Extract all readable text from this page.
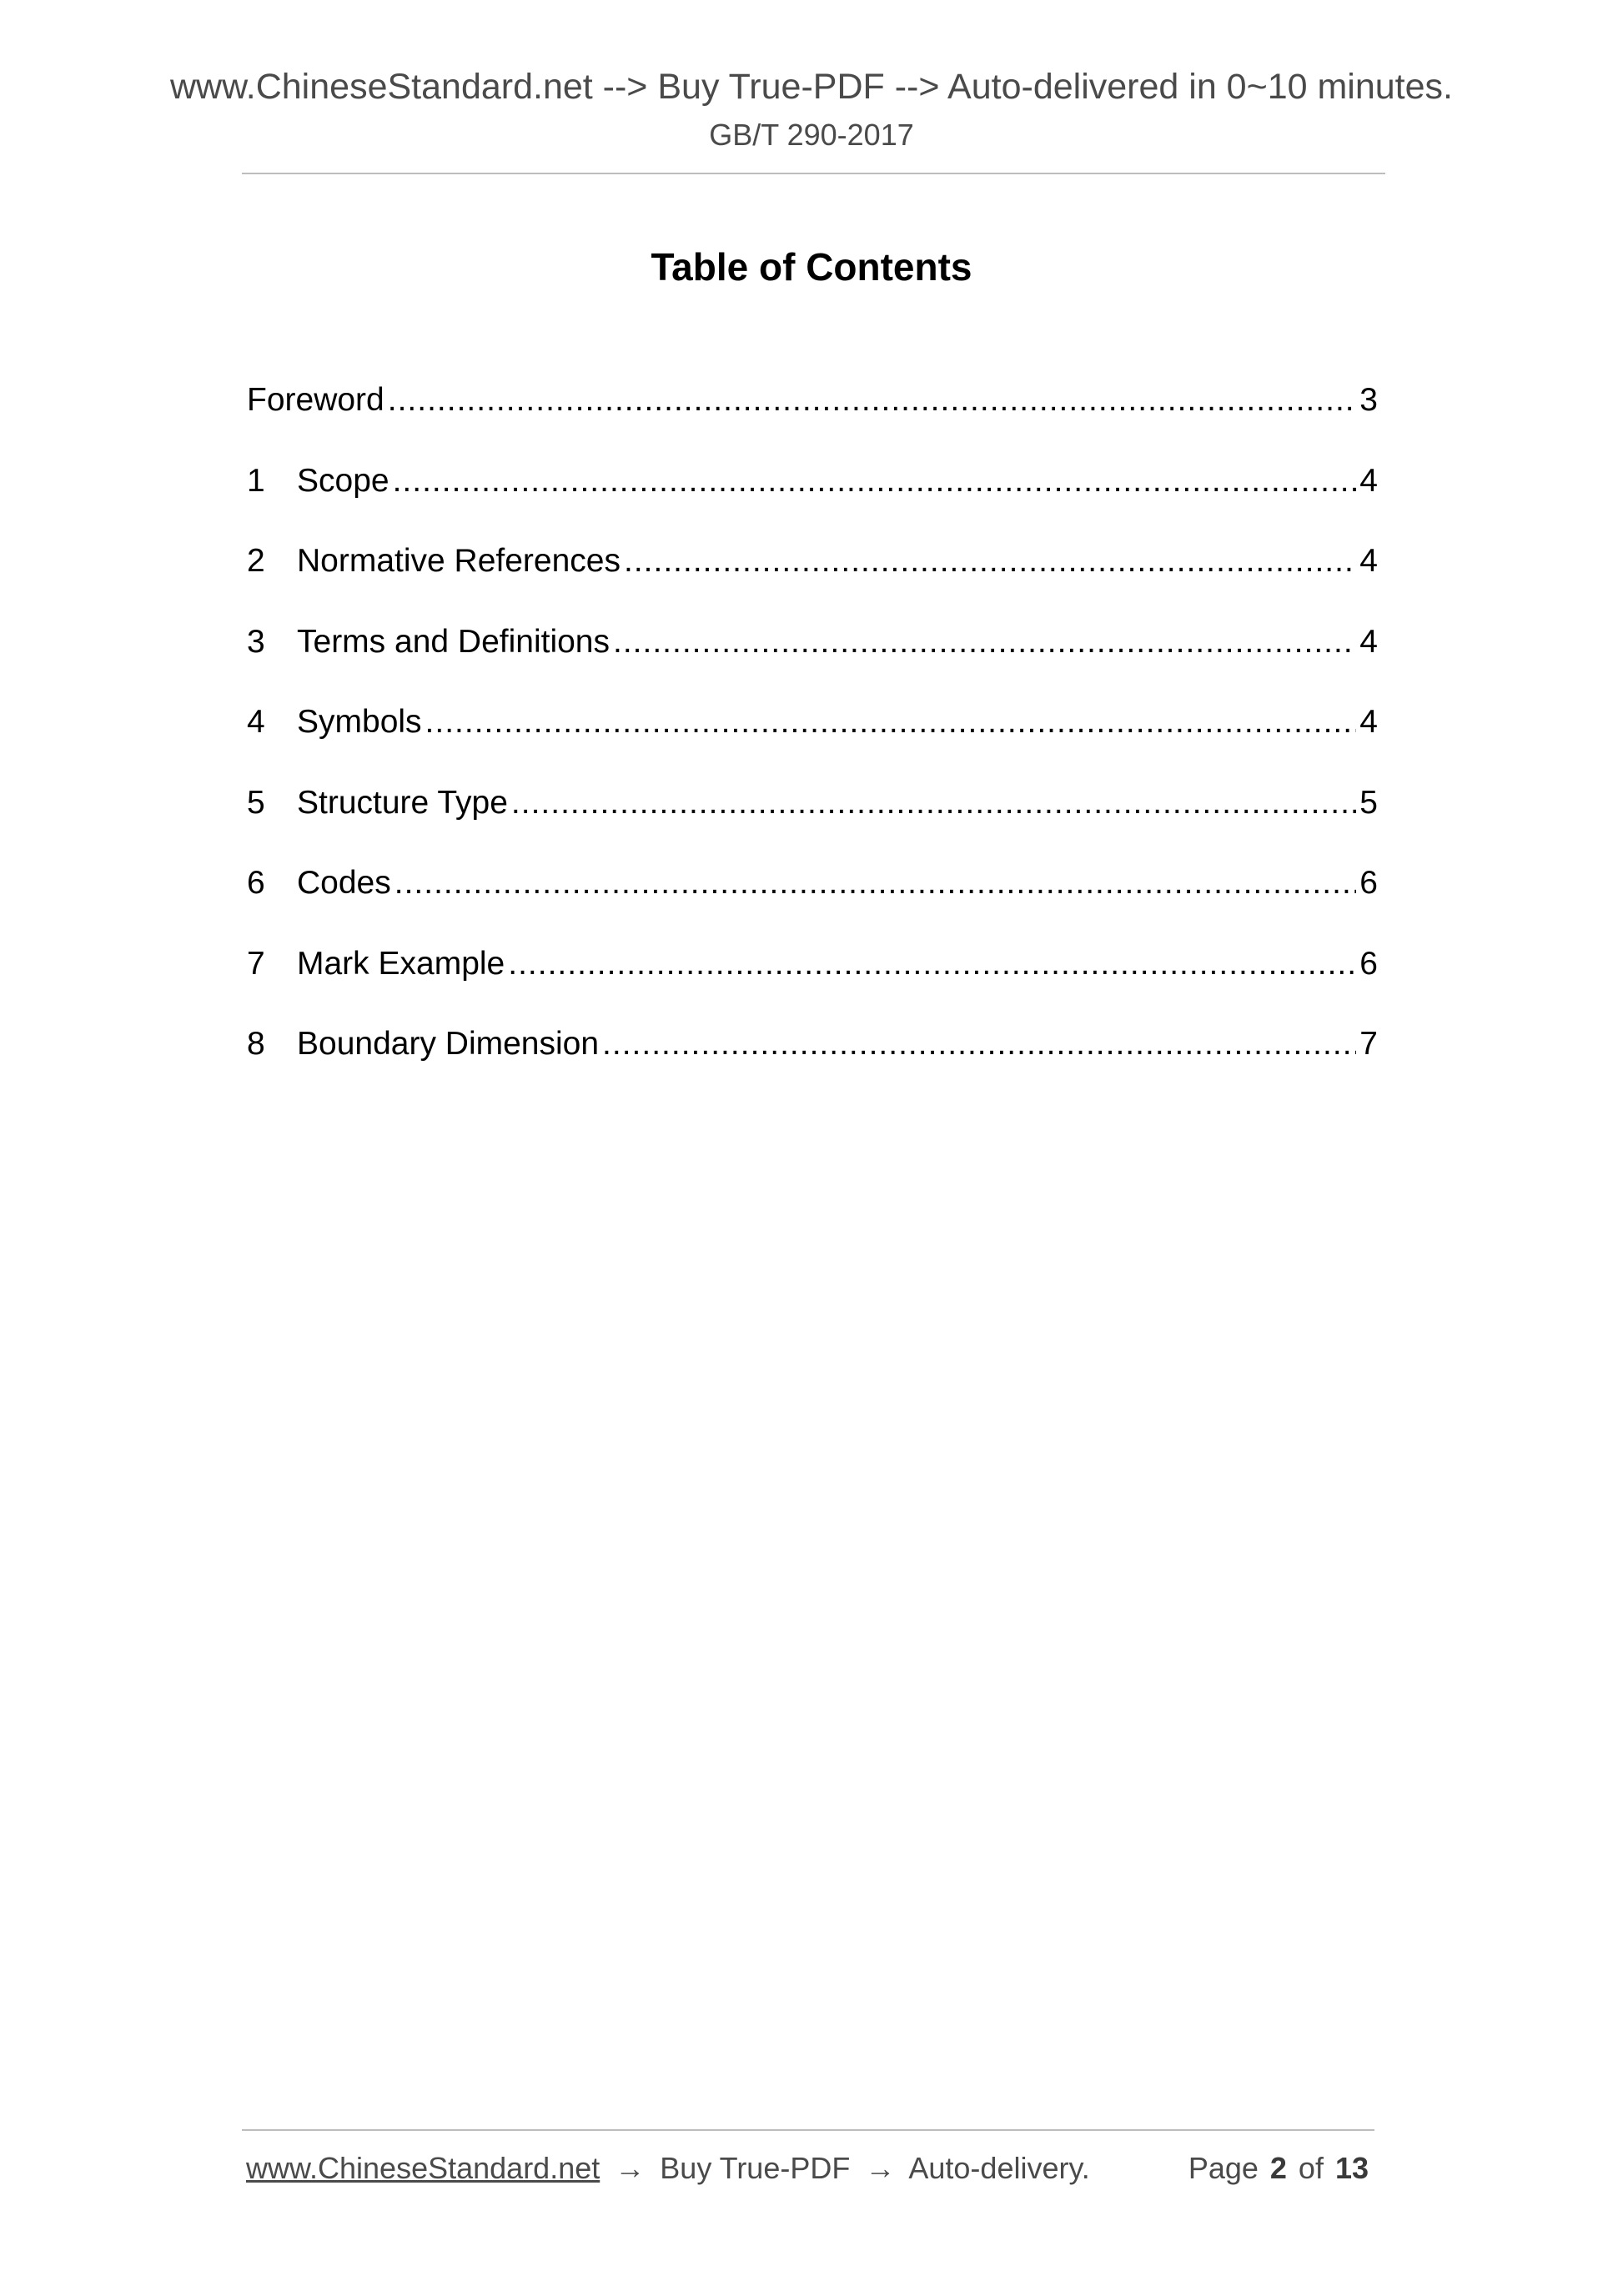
www.ChineseStandard.net --> Buy True-PDF --> Auto-delivered in 0~10 minutes.
GB/T 290-2017
Table of Contents
Foreword .....	3
1 Scope .....	4
2 Normative References .....	4
3 Terms and Definitions .....	4
4 Symbols .....	4
5 Structure Type .....	5
6 Codes .....	6
7 Mark Example .....	6
8 Boundary Dimension .....	7
www.ChineseStandard.net → Buy True-PDF → Auto-delivery.	Page 2 of 13
